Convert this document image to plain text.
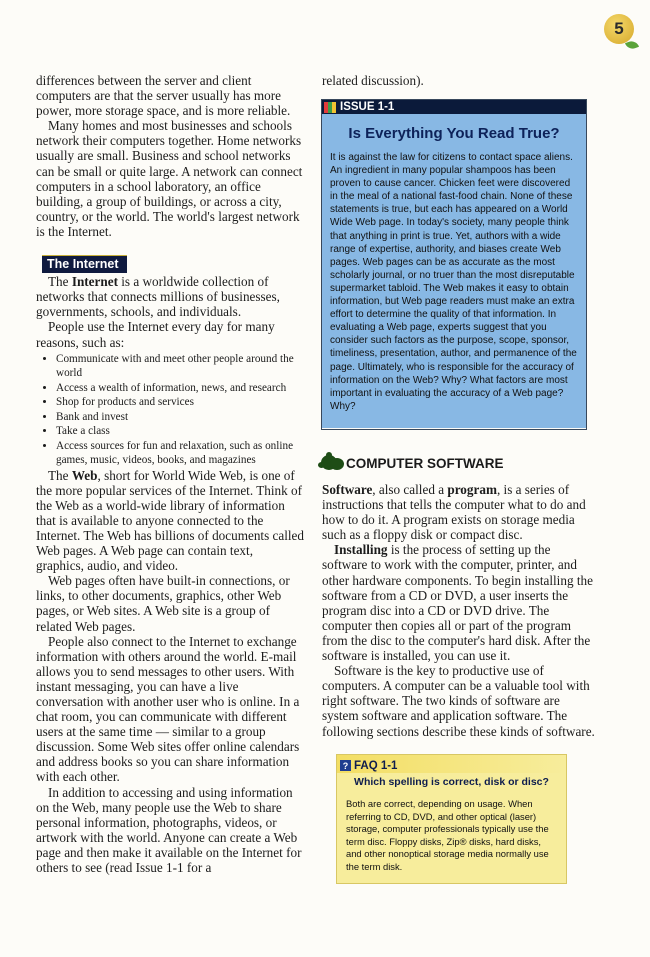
5

differences between the server and client computers are that the server usually has more power, more storage space, and is more reliable.

Many homes and most businesses and schools network their computers together. Home networks usually are small. Business and school networks can be small or quite large. A network can connect computers in a school laboratory, an office building, a group of buildings, or across a city, country, or the world. The world's largest network is the Internet.

The Internet

The Internet is a worldwide collection of networks that connects millions of businesses, governments, schools, and individuals.

People use the Internet every day for many reasons, such as:

• Communicate with and meet other people around the world
• Access a wealth of information, news, and research
• Shop for products and services
• Bank and invest
• Take a class
• Access sources for fun and relaxation, such as online games, music, videos, books, and magazines

The Web, short for World Wide Web, is one of the more popular services of the Internet. Think of the Web as a world-wide library of information that is available to anyone connected to the Internet. The Web has billions of documents called Web pages. A Web page can contain text, graphics, audio, and video.

Web pages often have built-in connections, or links, to other documents, graphics, other Web pages, or Web sites. A Web site is a group of related Web pages.

People also connect to the Internet to exchange information with others around the world. E-mail allows you to send messages to other users. With instant messaging, you can have a live conversation with another user who is online. In a chat room, you can communicate with different users at the same time — similar to a group discussion. Some Web sites offer online calendars and address books so you can share information with each other.

In addition to accessing and using information on the Web, many people use the Web to share personal information, photographs, videos, or artwork with the world. Anyone can create a Web page and then make it available on the Internet for others to see (read Issue 1-1 for a

related discussion).

ISSUE 1-1
Is Everything You Read True?
It is against the law for citizens to contact space aliens. An ingredient in many popular shampoos has been proven to cause cancer. Chicken feet were discovered in the meal of a national fast-food chain. None of these statements is true, but each has appeared on a World Wide Web page. In today's society, many people think that anything in print is true. Yet, authors with a wide range of expertise, authority, and biases create Web pages. Web pages can be as accurate as the most scholarly journal, or no truer than the most disreputable supermarket tabloid. The Web makes it easy to obtain information, but Web page readers must make an extra effort to determine the quality of that information. In evaluating a Web page, experts suggest that you consider such factors as the purpose, scope, sponsor, timeliness, presentation, author, and permanence of the page. Ultimately, who is responsible for the accuracy of information on the Web? Why? What factors are most important in evaluating the accuracy of a Web page? Why?
COMPUTER SOFTWARE

Software, also called a program, is a series of instructions that tells the computer what to do and how to do it. A program exists on storage media such as a floppy disk or compact disc.

Installing is the process of setting up the software to work with the computer, printer, and other hardware components. To begin installing the software from a CD or DVD, a user inserts the program disc into a CD or DVD drive. The computer then copies all or part of the program from the disc to the computer's hard disk. After the software is installed, you can use it.

Software is the key to productive use of computers. A computer can be a valuable tool with right software. The two kinds of software are system software and application software. The following sections describe these kinds of software.

? FAQ 1-1
Which spelling is correct, disk or disc?
Both are correct, depending on usage. When referring to CD, DVD, and other optical (laser) storage, computer professionals typically use the term disc. Floppy disks, Zip® disks, hard disks, and other nonoptical storage media normally use the term disk.
